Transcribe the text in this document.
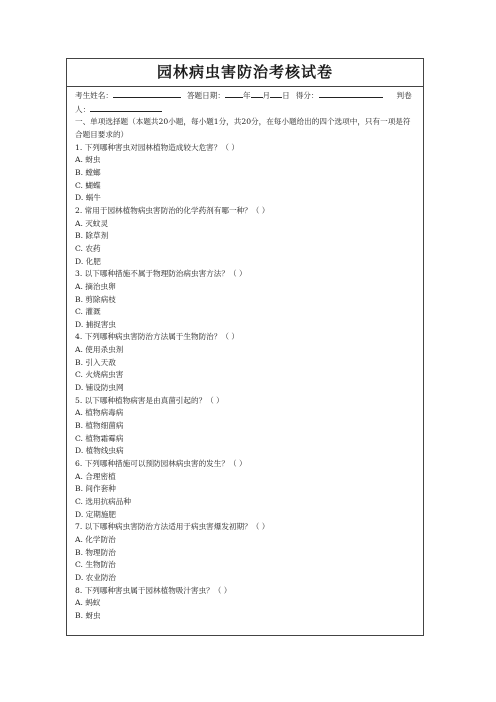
园林病虫害防治考核试卷
考生姓名：	答题日期： 年 月 日 得分：	判卷
人：
一、单项选择题（本题共20小题，每小题1分，共20分，在每小题给出的四个选项中，只有一项是符合题目要求的）
1. 下列哪种害虫对园林植物造成较大危害？（ ）
A. 蚜虫
B. 螳螂
C. 蝴蝶
D. 蜗牛
2. 常用于园林植物病虫害防治的化学药剂有哪一种？（ ）
A. 灭蚊灵
B. 除草剂
C. 农药
D. 化肥
3. 以下哪种措施不属于物理防治病虫害方法？（ ）
A. 摘治虫卵
B. 剪除病枝
C. 灌溉
D. 捕捉害虫
4. 下列哪种病虫害防治方法属于生物防治？（ ）
A. 使用杀虫剂
B. 引入天敌
C. 火烧病虫害
D. 铺设防虫网
5. 以下哪种植物病害是由真菌引起的？（ ）
A. 植物病毒病
B. 植物细菌病
C. 植物霜霉病
D. 植物线虫病
6. 下列哪种措施可以预防园林病虫害的发生？（ ）
A. 合理密植
B. 间作套种
C. 选用抗病品种
D. 定期施肥
7. 以下哪种病虫害防治方法适用于病虫害爆发初期？（ ）
A. 化学防治
B. 物理防治
C. 生物防治
D. 农业防治
8. 下列哪种害虫属于园林植物吸汁害虫？（ ）
A. 蚂蚁
B. 蚜虫
